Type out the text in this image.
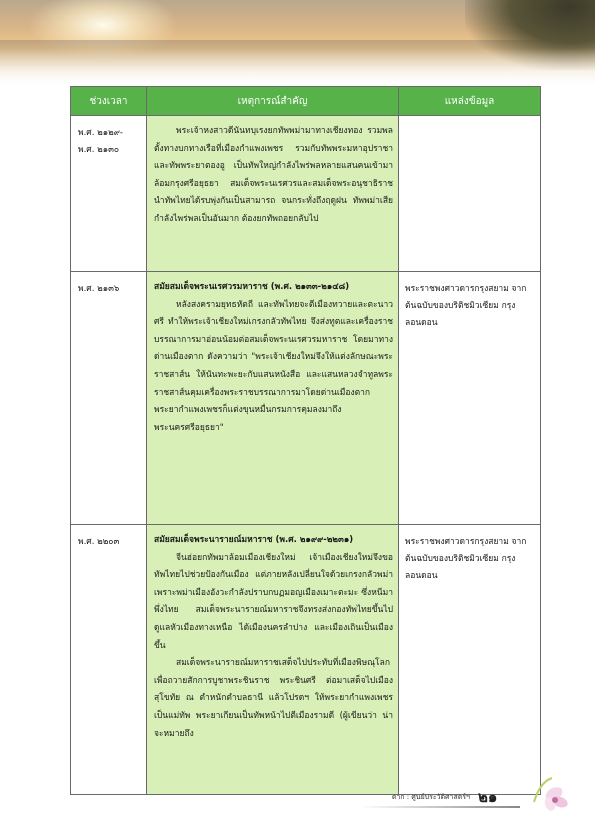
ช่วงเวลา	เหตุการณ์สำคัญ	แหล่งข้อมูล

พ.ศ. ๒๑๒๙-
พ.ศ. ๒๑๓๐	พระเจ้าหงสาวดีนันทบุเรงยกทัพพม่ามาทางเชียงทอง รวมพลตั้งทางบกทางเรือที่เมืองกำแพงเพชร รวมกับทัพพระมหาอุปราชา และทัพพระยาตองอู เป็นทัพใหญ่กำลังไพร่พลหลายแสนคนเข้ามาล้อมกรุงศรีอยุธยา สมเด็จพระนเรศวรและสมเด็จพระอนุชาธิราชนำทัพไทยได้รบพุ่งกันเป็นสามารถ จนกระทั่งถึงฤดูฝน ทัพพม่าเสียกำลังไพร่พลเป็นอันมาก ต้องยกทัพถอยกลับไป	

พ.ศ. ๒๑๓๖	สมัยสมเด็จพระนเรศวรมหาราช (พ.ศ. ๒๑๓๓-๒๑๔๘)

หลังสงครามยุทธหัตถี และทัพไทยจะตีเมืองทวายและตะนาวศรี ทำให้พระเจ้าเชียงใหม่เกรงกลัวทัพไทย จึงส่งทูตและเครื่องราชบรรณาการมาอ่อนน้อมต่อสมเด็จพระนเรศวรมหาราช โดยมาทางด่านเมืองตาก ดังความว่า "พระเจ้าเชียงใหม่จึงให้แต่งลักษณะพระราชสาส์น ให้นันทะพะยะกับแสนหนังสือ และแสนหลวงจำทูลพระราชสาส์นคุมเครื่องพระราชบรรณาการมาโดยด่านเมืองตาก พระยากำแพงเพชรก็แต่งขุนหมื่นกรมการคุมลงมาถึงพระนครศรีอยุธยา"	พระราชพงศาวดารกรุงสยาม จากต้นฉบับของบริติชมิวเซียม กรุงลอนดอน

พ.ศ. ๒๒๐๓	สมัยสมเด็จพระนารายณ์มหาราช (พ.ศ. ๒๑๙๙-๒๒๓๑)

จีนฮ่อยกทัพมาล้อมเมืองเชียงใหม่ เจ้าเมืองเชียงใหม่จึงขอทัพไทยไปช่วยป้องกันเมือง แต่ภายหลังเปลี่ยนใจด้วยเกรงกลัวพม่า เพราะพม่าเมืองอังวะกำลังปราบกบฏมอญเมืองเมาะตะมะ ซึ่งหนีมาพึ่งไทย สมเด็จพระนารายณ์มหาราชจึงทรงส่งกองทัพไทยขึ้นไปดูแลหัวเมืองทางเหนือ ได้เมืองนครลำปาง และเมืองเถินเป็นเมืองขึ้น

สมเด็จพระนารายณ์มหาราชเสด็จไปประทับที่เมืองพิษณุโลก เพื่อถวายสักการบูชาพระชินราช พระชินศรี ต่อมาเสด็จไปเมืองสุโขทัย ณ ตำหนักตำบลธานี แล้วโปรดฯ ให้พระยากำแพงเพชรเป็นแม่ทัพ พระยาเกียนเป็นทัพหน้าไปตีเมืองรามดี (ผู้เขียนว่า น่าจะหมายถึง	พระราชพงศาวดารกรุงสยาม จากต้นฉบับของบริติชมิวเซียม กรุงลอนดอน
ตาก : ศูนย์ประวัติศาสตร์ฯ ๒๑
